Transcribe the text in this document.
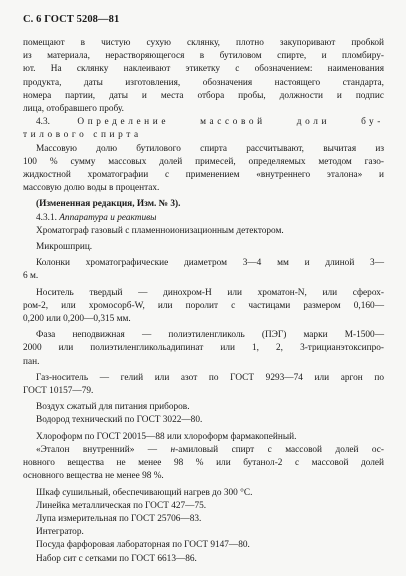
С. 6 ГОСТ 5208—81

помещают в чистую сухую склянку, плотно закупоривают пробкой

из материала, нерастворяющегося в бутиловом спирте, и пломбиру-

ют. На склянку наклеивают этикетку с обозначением: наименования

продукта, даты изготовления, обозначения настоящего стандарта,

номера партии, даты и места отбора пробы, должности и подпис

лица, отобравшего пробу.

4.3.	Определение массовой доли бу-

тилового спирта

Массовую долю бутилового спирта рассчитывают, вычитая из

100 % сумму массовых долей примесей, определяемых методом газо-

жидкостной хроматографии с применением «внутреннего эталона» и

массовую долю воды в процентах.

(Измененная редакция, Изм. № 3).

4.3.1. Аппаратура и реактивы

Хроматограф газовый с пламенноионизационным детектором.

Микрошприц.

Колонки хроматографические диаметром 3—4 мм и длиной 3—

6 м.

Носитель твердый — динохром-Н или хроматон-N, или сферох-

ром-2, или хромосорб-W, или поролит с частицами размером 0,160—

0,200 или 0,200—0,315 мм.

Фаза неподвижная — полиэтиленгликоль (ПЭГ) марки М-1500—

2000 или полиэтиленгликольадипинат или 1, 2, 3-трицианэтоксипро-

пан.

Газ-носитель — гелий или азот по ГОСТ 9293—74 или аргон по

ГОСТ 10157—79.

Воздух сжатый для питания приборов.

Водород технический по ГОСТ 3022—80.

Хлороформ по ГОСТ 20015—88 или хлороформ фармакопейный.

«Эталон внутренний» — н-амиловый спирт с массовой долей ос-

новного вещества не менее 98 % или бутанол-2 с массовой долей

основного вещества не менее 98 %.

Шкаф сушильный, обеспечивающий нагрев до 300 °С.

Линейка металлическая по ГОСТ 427—75.

Лупа измерительная по ГОСТ 25706—83.

Интегратор.

Посуда фарфоровая лабораторная по ГОСТ 9147—80.

Набор сит с сетками по ГОСТ 6613—86.
